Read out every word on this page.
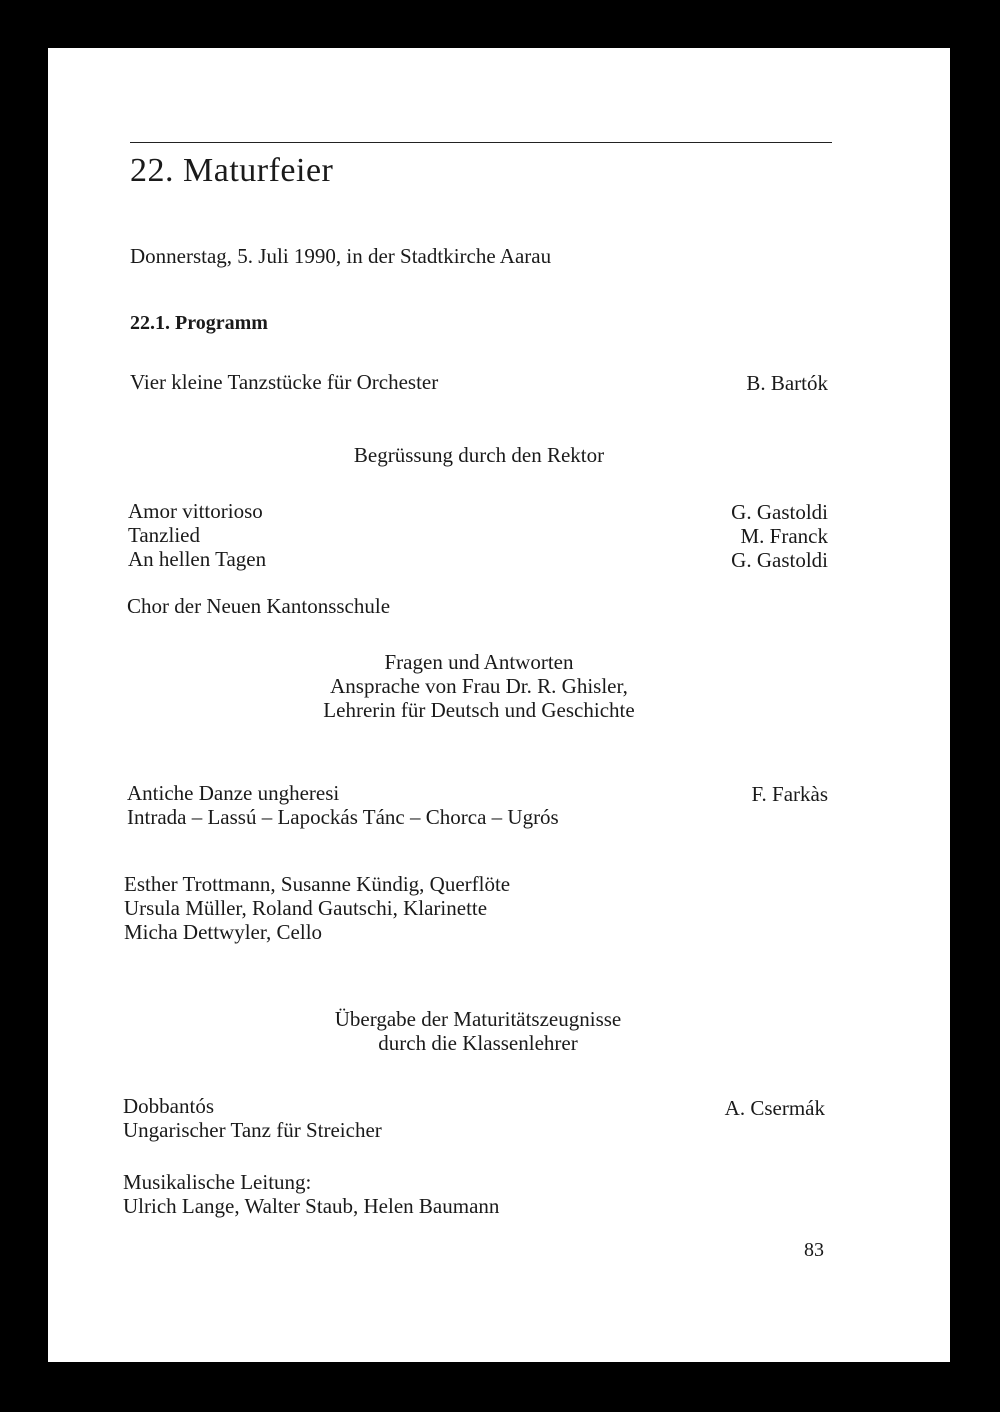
22. Maturfeier
Donnerstag, 5. Juli 1990, in der Stadtkirche Aarau
22.1. Programm
Vier kleine Tanzstücke für Orchester	B. Bartók
Begrüssung durch den Rektor
Amor vittorioso
Tanzlied
An hellen Tagen
G. Gastoldi
M. Franck
G. Gastoldi
Chor der Neuen Kantonsschule
Fragen und Antworten
Ansprache von Frau Dr. R. Ghisler,
Lehrerin für Deutsch und Geschichte
Antiche Danze ungheresi
Intrada – Lassú – Lapockás Tánc – Chorca – Ugrós
F. Farkàs
Esther Trottmann, Susanne Kündig, Querflöte
Ursula Müller, Roland Gautschi, Klarinette
Micha Dettwyler, Cello
Übergabe der Maturitätszeugnisse
durch die Klassenlehrer
Dobbantós
Ungarischer Tanz für Streicher
A. Csermák
Musikalische Leitung:
Ulrich Lange, Walter Staub, Helen Baumann
83
